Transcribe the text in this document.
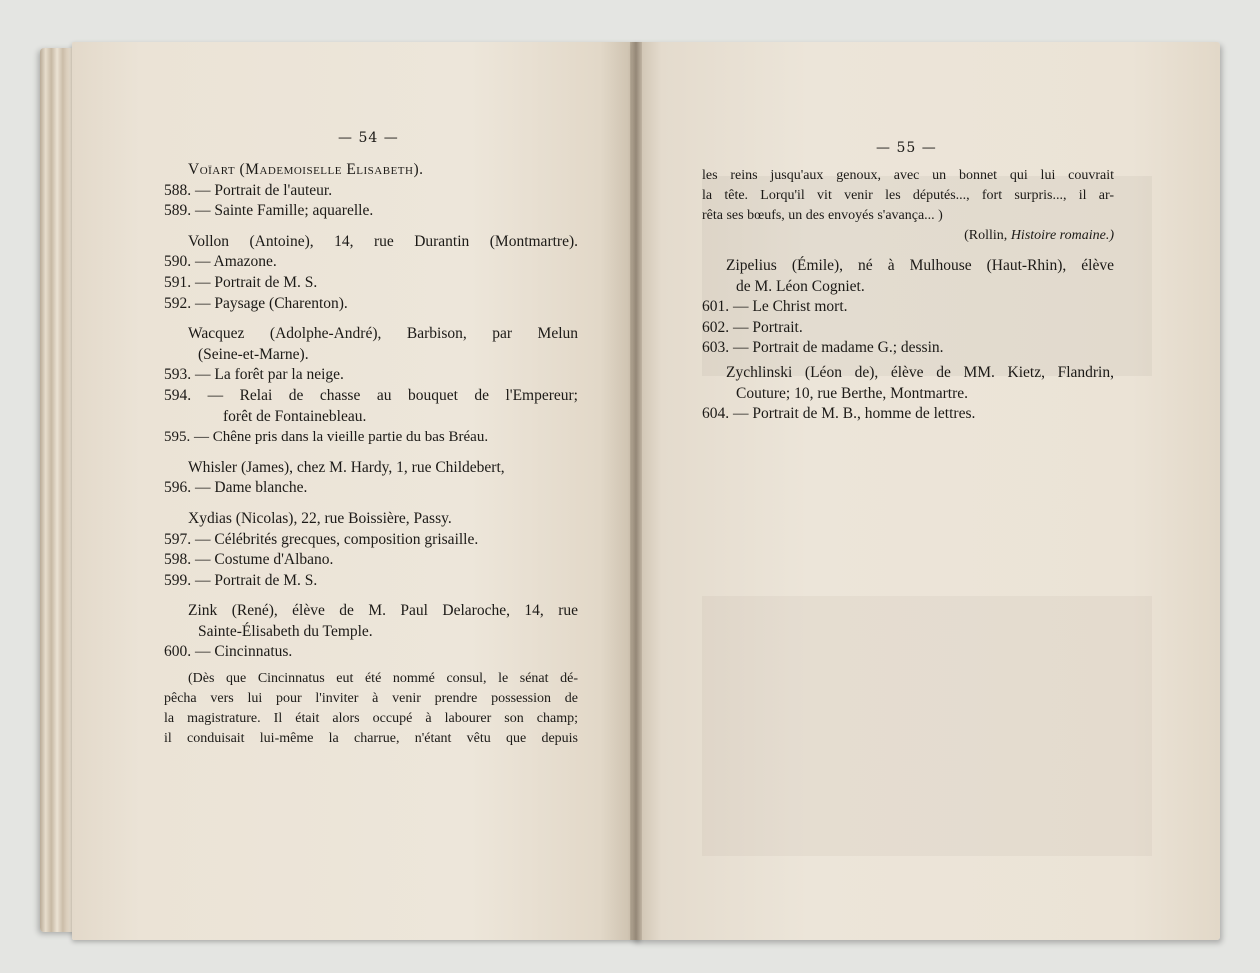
— 54 —
Voïart (Mademoiselle Elisabeth).
588. — Portrait de l'auteur.
589. — Sainte Famille; aquarelle.
Vollon (Antoine), 14, rue Durantin (Montmartre).
590. — Amazone.
591. — Portrait de M. S.
592. — Paysage (Charenton).
Wacquez (Adolphe-André), Barbison, par Melun
(Seine-et-Marne).
593. — La forêt par la neige.
594. — Relai de chasse au bouquet de l'Empereur;
forêt de Fontainebleau.
595. — Chêne pris dans la vieille partie du bas Bréau.
Whisler (James), chez M. Hardy, 1, rue Childebert,
596. — Dame blanche.
Xydias (Nicolas), 22, rue Boissière, Passy.
597. — Célébrités grecques, composition grisaille.
598. — Costume d'Albano.
599. — Portrait de M. S.
Zink (René), élève de M. Paul Delaroche, 14, rue
Sainte-Élisabeth du Temple.
600. — Cincinnatus.
(Dès que Cincinnatus eut été nommé consul, le sénat dé-
pêcha vers lui pour l'inviter à venir prendre possession de
la magistrature. Il était alors occupé à labourer son champ;
il conduisait lui-même la charrue, n'étant vêtu que depuis
— 55 —
les reins jusqu'aux genoux, avec un bonnet qui lui couvrait
la tête. Lorqu'il vit venir les députés..., fort surpris..., il ar-
rêta ses bœufs, un des envoyés s'avança... )
(Rollin, Histoire romaine.)
Zipelius (Émile), né à Mulhouse (Haut-Rhin), élève
de M. Léon Cogniet.
601. — Le Christ mort.
602. — Portrait.
603. — Portrait de madame G.; dessin.
Zychlinski (Léon de), élève de MM. Kietz, Flandrin,
Couture; 10, rue Berthe, Montmartre.
604. — Portrait de M. B., homme de lettres.
